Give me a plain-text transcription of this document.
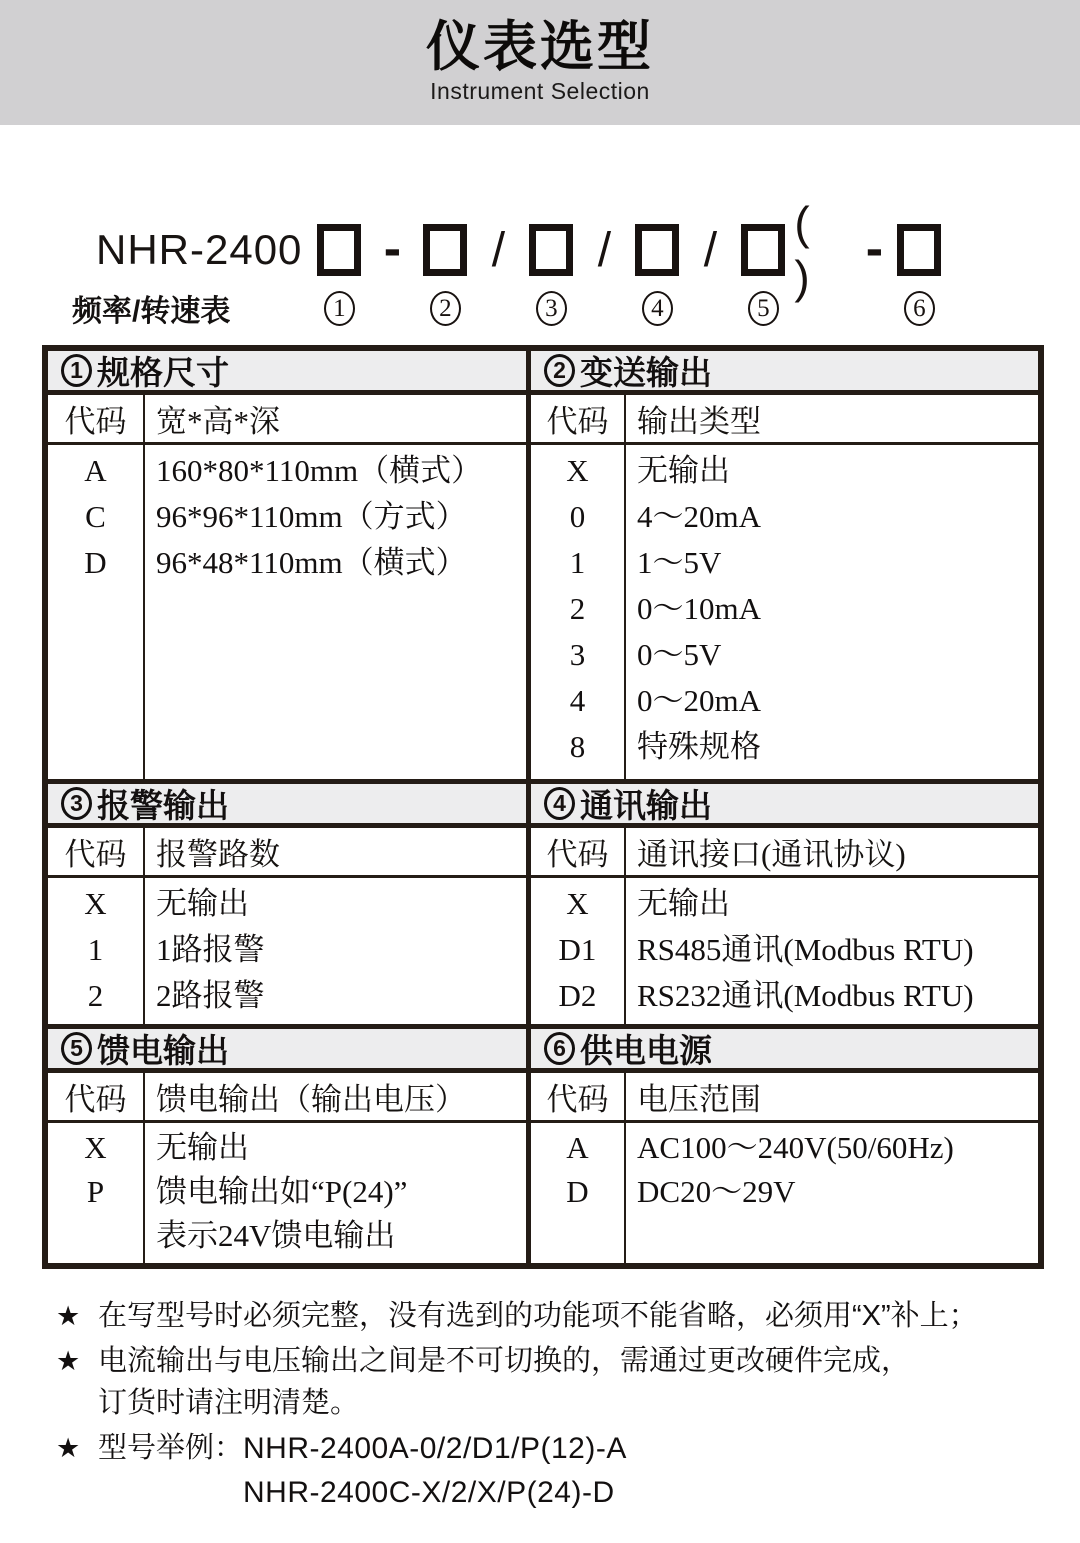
仪表选型
Instrument Selection
NHR-2400
频率/转速表	1
-
2
/
3
/
4
/
5
( ) -
6
1 规格尺寸
代码 宽*高*深
A
C
D
160*80*110mm（横式）
96*96*110mm（方式）
96*48*110mm（横式）
2 变送输出
代码 输出类型
X
0
1
2
3
4
8
无输出
4～20mA
1～5V
0～10mA
0～5V
0～20mA
特殊规格
3 报警输出
代码 报警路数
X
1
2
无输出
1路报警
2路报警
4 通讯输出
代码 通讯接口(通讯协议)
X
D1
D2
无输出
RS485通讯(Modbus RTU)
RS232通讯(Modbus RTU)
5 馈电输出
代码 馈电输出（输出电压）
X
P
无输出
馈电输出如“P(24)”
表示24V馈电输出
6 供电电源
代码 电压范围
A
D
AC100～240V(50/60Hz)
DC20～29V
★ 在写型号时必须完整，没有选到的功能项不能省略，必须用“X”补上；
★ 电流输出与电压输出之间是不可切换的，需通过更改硬件完成，
订货时请注明清楚。
★ 型号举例： NHR-2400A-0/2/D1/P(12)-A
NHR-2400C-X/2/X/P(24)-D
